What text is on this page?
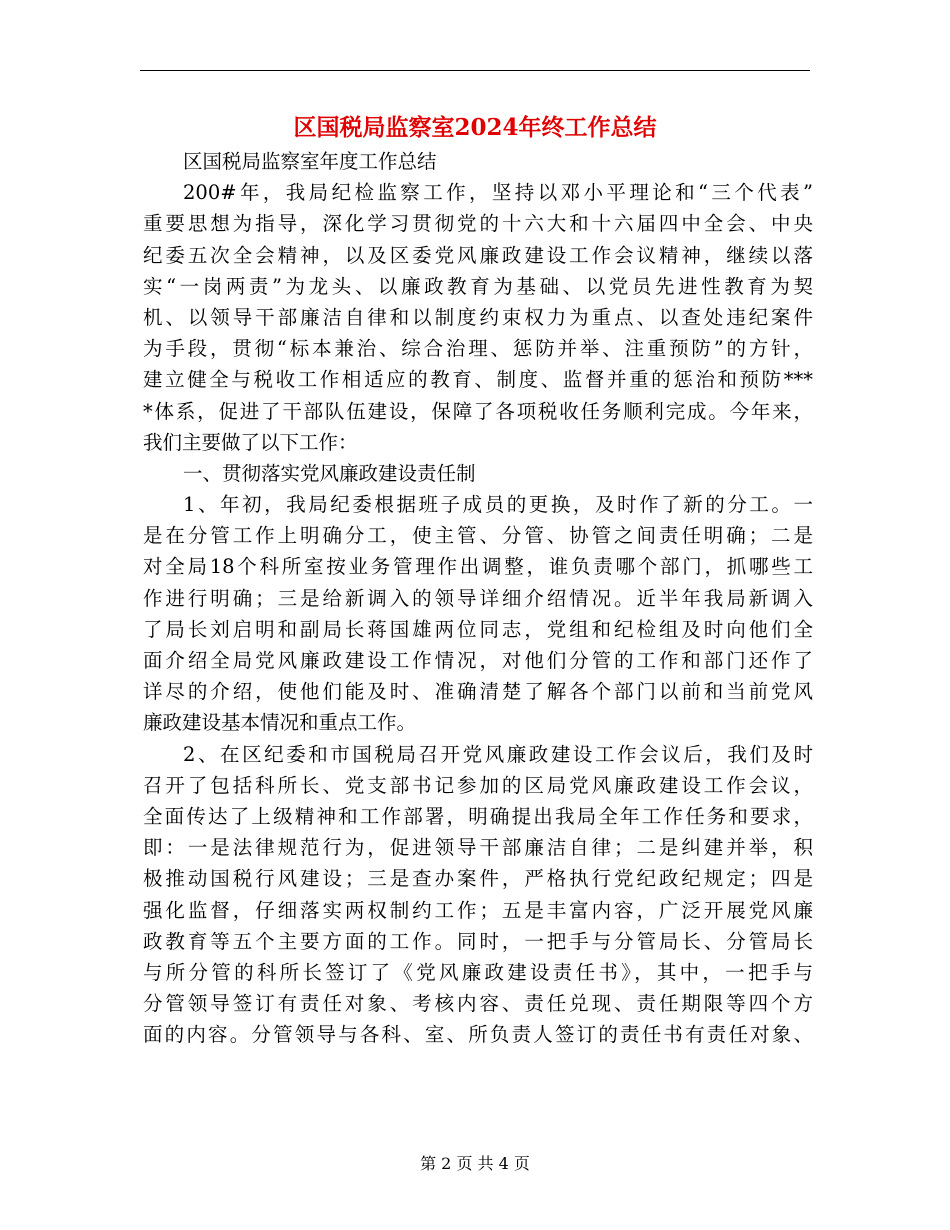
区国税局监察室2024年终工作总结
区国税局监察室年度工作总结
200#年，我局纪检监察工作，坚持以邓小平理论和“三个代表”
重要思想为指导，深化学习贯彻党的十六大和十六届四中全会、中央
纪委五次全会精神，以及区委党风廉政建设工作会议精神，继续以落
实“一岗两责”为龙头、以廉政教育为基础、以党员先进性教育为契
机、以领导干部廉洁自律和以制度约束权力为重点、以查处违纪案件
为手段，贯彻“标本兼治、综合治理、惩防并举、注重预防”的方针，
建立健全与税收工作相适应的教育、制度、监督并重的惩治和预防***
*体系，促进了干部队伍建设，保障了各项税收任务顺利完成。今年来，
我们主要做了以下工作：
一、贯彻落实党风廉政建设责任制
1、年初，我局纪委根据班子成员的更换，及时作了新的分工。一
是在分管工作上明确分工，使主管、分管、协管之间责任明确；二是
对全局18个科所室按业务管理作出调整，谁负责哪个部门，抓哪些工
作进行明确；三是给新调入的领导详细介绍情况。近半年我局新调入
了局长刘启明和副局长蒋国雄两位同志，党组和纪检组及时向他们全
面介绍全局党风廉政建设工作情况，对他们分管的工作和部门还作了
详尽的介绍，使他们能及时、准确清楚了解各个部门以前和当前党风
廉政建设基本情况和重点工作。
2、在区纪委和市国税局召开党风廉政建设工作会议后，我们及时
召开了包括科所长、党支部书记参加的区局党风廉政建设工作会议，
全面传达了上级精神和工作部署，明确提出我局全年工作任务和要求，
即：一是法律规范行为，促进领导干部廉洁自律；二是纠建并举，积
极推动国税行风建设；三是查办案件，严格执行党纪政纪规定；四是
强化监督，仔细落实两权制约工作；五是丰富内容，广泛开展党风廉
政教育等五个主要方面的工作。同时，一把手与分管局长、分管局长
与所分管的科所长签订了《党风廉政建设责任书》，其中，一把手与
分管领导签订有责任对象、考核内容、责任兑现、责任期限等四个方
面的内容。分管领导与各科、室、所负责人签订的责任书有责任对象、
第 2 页 共 4 页
